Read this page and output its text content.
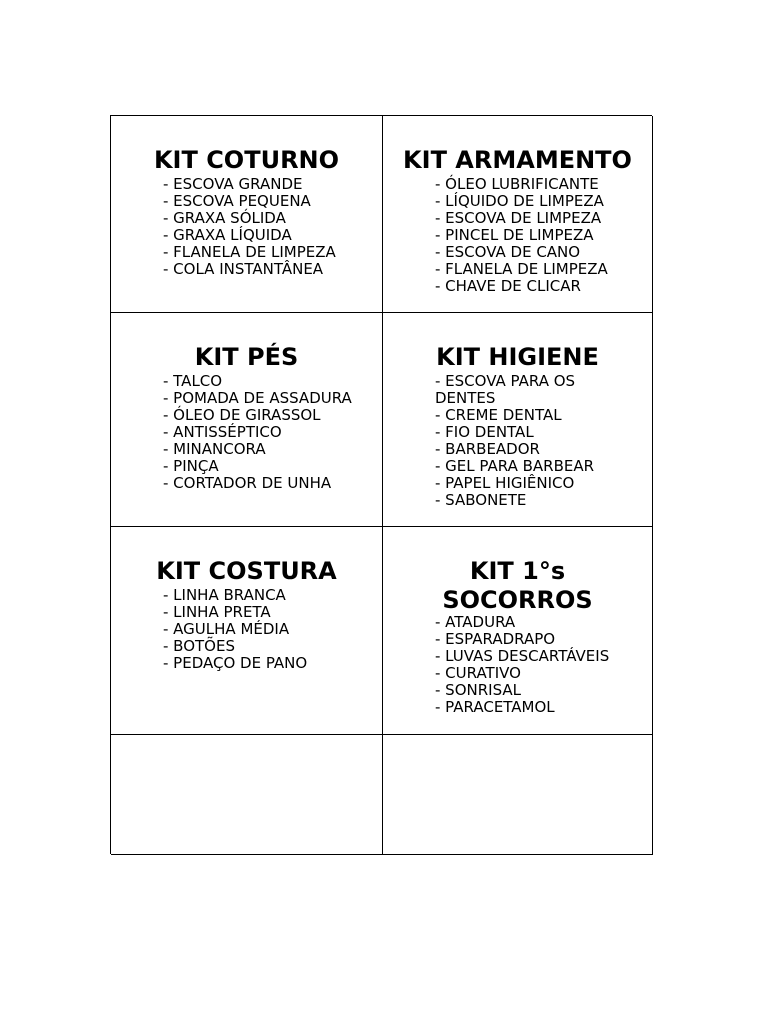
KIT COTURNO
- ESCOVA GRANDE
- ESCOVA PEQUENA
- GRAXA SÓLIDA
- GRAXA LÍQUIDA
- FLANELA DE LIMPEZA
- COLA INSTANTÂNEA
KIT ARMAMENTO
- ÓLEO LUBRIFICANTE
- LÍQUIDO DE LIMPEZA
- ESCOVA DE LIMPEZA
- PINCEL DE LIMPEZA
- ESCOVA DE CANO
- FLANELA DE LIMPEZA
- CHAVE DE CLICAR
KIT PÉS
- TALCO
- POMADA DE ASSADURA
- ÓLEO DE GIRASSOL
- ANTISSÉPTICO
- MINANCORA
- PINÇA
- CORTADOR DE UNHA
KIT HIGIENE
- ESCOVA PARA OS
DENTES
- CREME DENTAL
- FIO DENTAL
- BARBEADOR
- GEL PARA BARBEAR
- PAPEL HIGIÊNICO
- SABONETE
KIT COSTURA
- LINHA BRANCA
- LINHA PRETA
- AGULHA MÉDIA
- BOTÕES
- PEDAÇO DE PANO
KIT 1°s
SOCORROS
- ATADURA
- ESPARADRAPO
- LUVAS DESCARTÁVEIS
- CURATIVO
- SONRISAL
- PARACETAMOL
